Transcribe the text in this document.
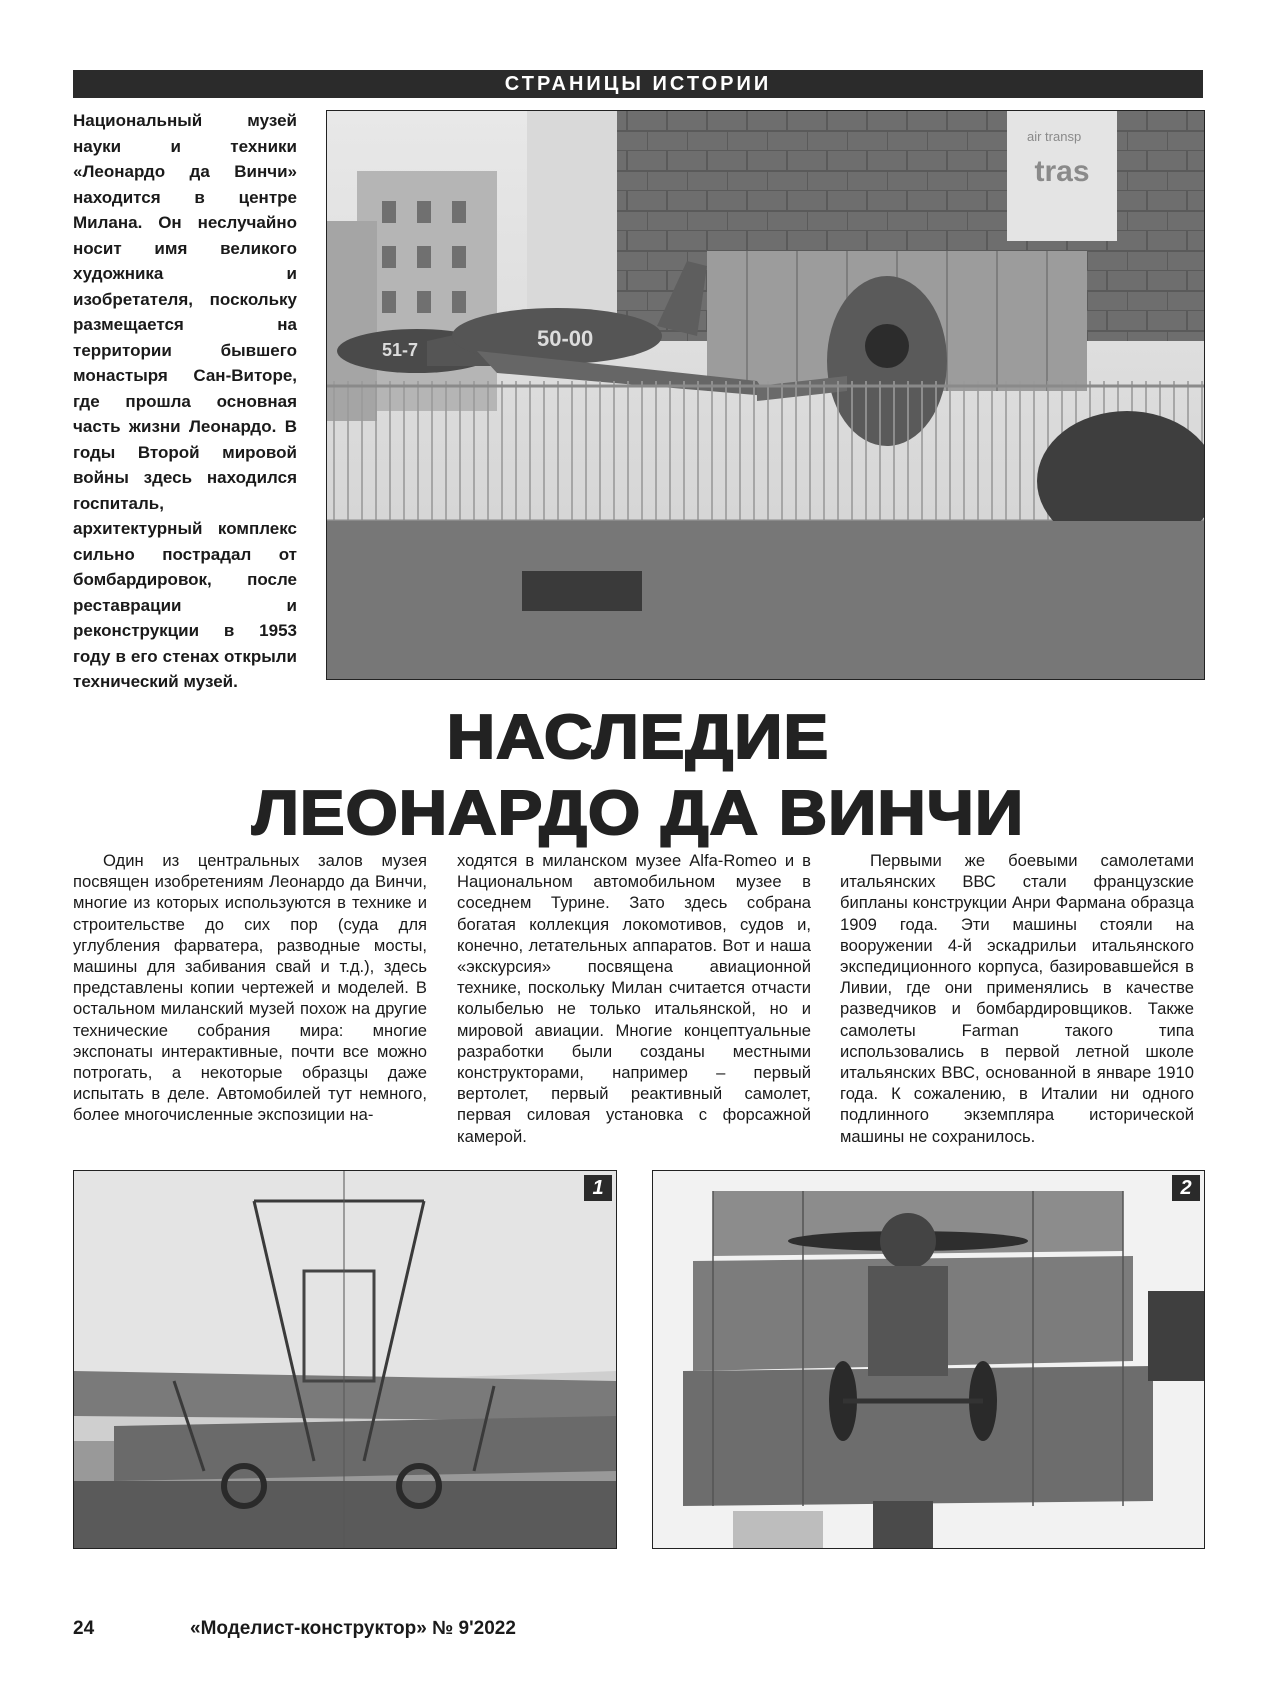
СТРАНИЦЫ ИСТОРИИ
Национальный музей науки и техники «Леонардо да Винчи» находится в центре Милана. Он неслучайно носит имя великого художника и изобретателя, поскольку размещается на территории бывшего монастыря Сан-Виторе, где прошла основная часть жизни Леонардо. В годы Второй мировой войны здесь находился госпиталь, архитектурный комплекс сильно пострадал от бомбардировок, после реставрации и реконструкции в 1953 году в его стенах открыли технический музей.
tras
air transp
51-7	50-00
НАСЛЕДИЕ
ЛЕОНАРДО ДА ВИНЧИ
Один из центральных залов музея посвящен изобретениям Леонардо да Винчи, многие из которых используются в технике и строительстве до сих пор (суда для углубления фарватера, разводные мосты, машины для забивания свай и т.д.), здесь представлены копии чертежей и моделей. В остальном миланский музей похож на другие технические собрания мира: многие экспонаты интерактивные, почти все можно потрогать, а некоторые образцы даже испытать в деле. Автомобилей тут немного, более многочисленные экспозиции на-
ходятся в миланском музее Alfa-Romeo и в Национальном автомобильном музее в соседнем Турине. Зато здесь собрана богатая коллекция локомотивов, судов и, конечно, летательных аппаратов. Вот и наша «экскурсия» посвящена авиационной технике, поскольку Милан считается отчасти колыбелью не только итальянской, но и мировой авиации. Многие концептуальные разработки были созданы местными конструкторами, например – первый вертолет, первый реактивный самолет, первая силовая установка с форсажной камерой.
Первыми же боевыми самолетами итальянских ВВС стали французские бипланы конструкции Анри Фармана образца 1909 года. Эти машины стояли на вооружении 4-й эскадрильи итальянского экспедиционного корпуса, базировавшейся в Ливии, где они применялись в качестве разведчиков и бомбардировщиков. Также самолеты Farman такого типа использовались в первой летной школе итальянских ВВС, основанной в январе 1910 года. К сожалению, в Италии ни одного подлинного экземпляра исторической машины не сохранилось.
1	2
24	«Моделист-конструктор» № 9'2022
